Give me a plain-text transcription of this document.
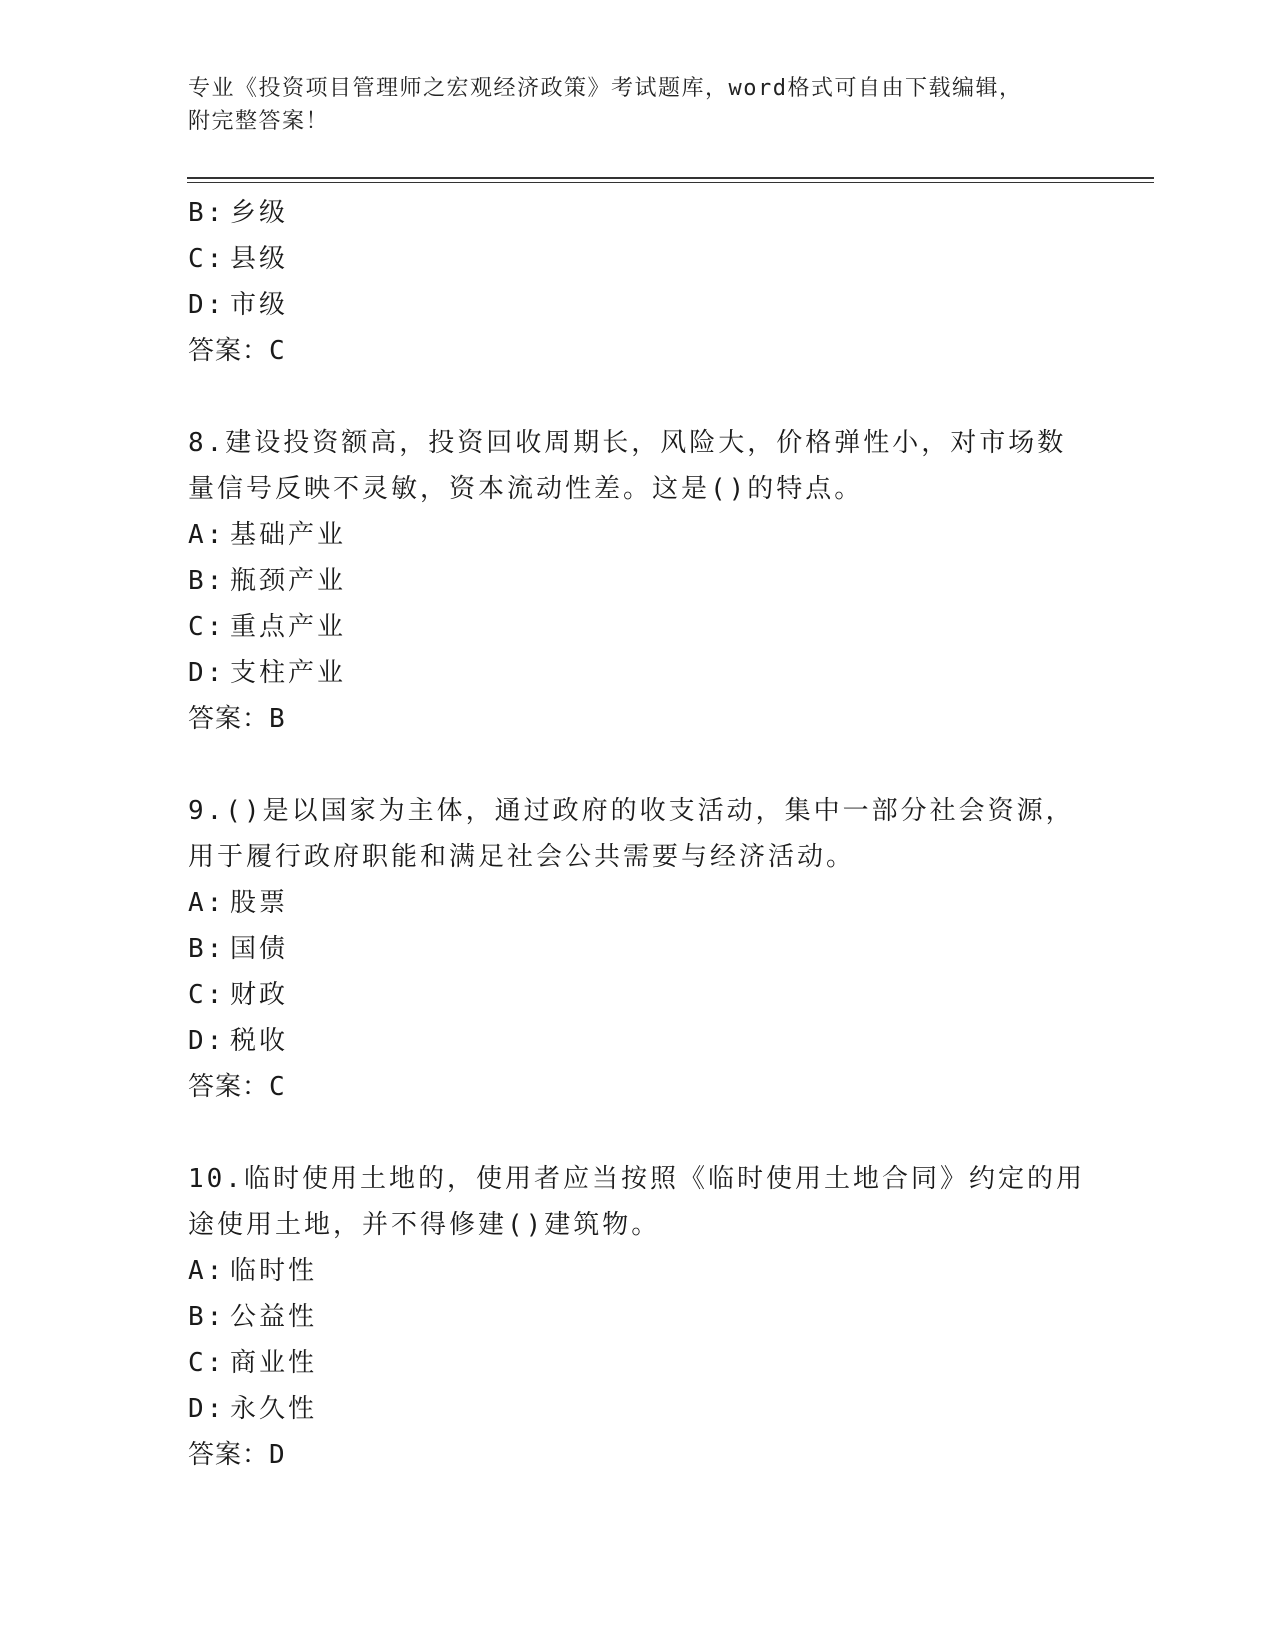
专业《投资项目管理师之宏观经济政策》考试题库，word格式可自由下载编辑，
附完整答案！
B: 乡级
C: 县级
D: 市级
答案：C
8.建设投资额高，投资回收周期长，风险大，价格弹性小，对市场数
量信号反映不灵敏，资本流动性差。这是()的特点。
A: 基础产业
B: 瓶颈产业
C: 重点产业
D: 支柱产业
答案：B
9.()是以国家为主体，通过政府的收支活动，集中一部分社会资源，
用于履行政府职能和满足社会公共需要与经济活动。
A: 股票
B: 国债
C: 财政
D: 税收
答案：C
10.临时使用土地的，使用者应当按照《临时使用土地合同》约定的用
途使用土地，并不得修建()建筑物。
A: 临时性
B: 公益性
C: 商业性
D: 永久性
答案：D
